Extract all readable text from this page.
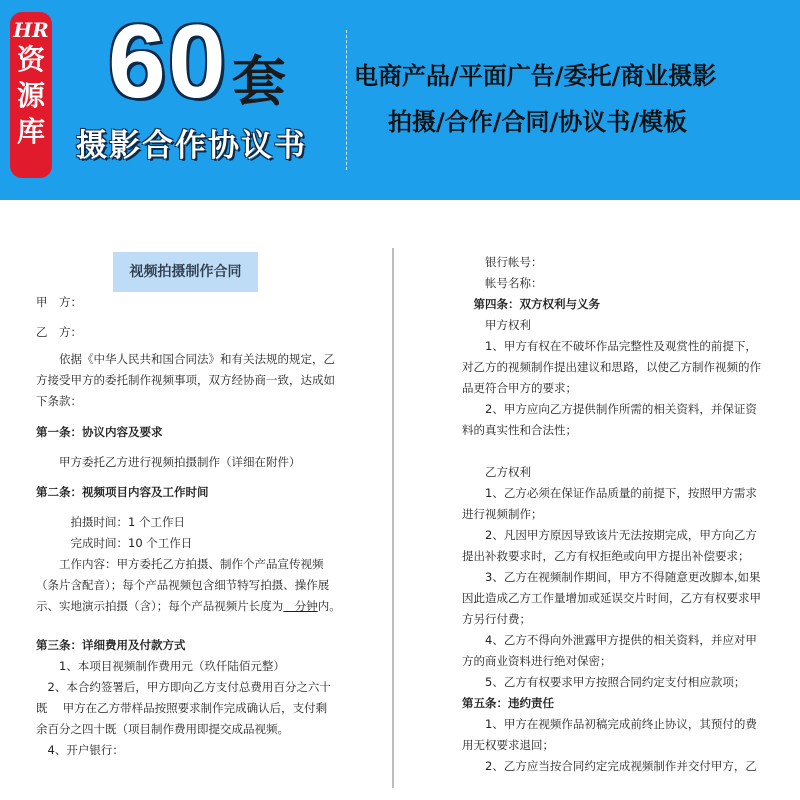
HR
资
源
库
60 套
摄影合作协议书
电商产品/平面广告/委托/商业摄影
拍摄/合作/合同/协议书/模板
视频拍摄制作合同
甲　方：
乙　方：
　　依据《中华人民共和国合同法》和有关法规的规定，乙
方接受甲方的委托制作视频事项，双方经协商一致，达成如
下条款：
第一条：协议内容及要求
　　甲方委托乙方进行视频拍摄制作（详细在附件）
第二条：视频项目内容及工作时间
　　　拍摄时间：1 个工作日
　　　完成时间：10 个工作日
　　工作内容：甲方委托乙方拍摄、制作个产品宣传视频
（条片含配音）；每个产品视频包含细节特写拍摄、操作展
示、实地演示拍摄（含）；每个产品视频片长度为　分钟内。
第三条：详细费用及付款方式
　　1、本项目视频制作费用元（玖仟陆佰元整）
　2、本合约签署后，甲方即向乙方支付总费用百分之六十
既　 甲方在乙方带样品按照要求制作完成确认后，支付剩
余百分之四十既（项目制作费用即提交成品视频。
　4、开户银行：
　　银行帐号：
　　帐号名称：
　第四条：双方权利与义务
　　甲方权利
　　1、甲方有权在不破坏作品完整性及观赏性的前提下，
对乙方的视频制作提出建议和思路，以使乙方制作视频的作
品更符合甲方的要求；
　　2、甲方应向乙方提供制作所需的相关资料，并保证资
料的真实性和合法性；
　　乙方权利
　　1、乙方必须在保证作品质量的前提下，按照甲方需求
进行视频制作；
　　2、凡因甲方原因导致该片无法按期完成，甲方向乙方
提出补救要求时，乙方有权拒绝或向甲方提出补偿要求；
　　3、乙方在视频制作期间，甲方不得随意更改脚本,如果
因此造成乙方工作量增加或延误交片时间，乙方有权要求甲
方另行付费；
　　4、乙方不得向外泄露甲方提供的相关资料，并应对甲
方的商业资料进行绝对保密；
　　5、乙方有权要求甲方按照合同约定支付相应款项；
第五条：违约责任
　　1、甲方在视频作品初稿完成前终止协议，其预付的费
用无权要求退回；
　　2、乙方应当按合同约定完成视频制作并交付甲方，乙
